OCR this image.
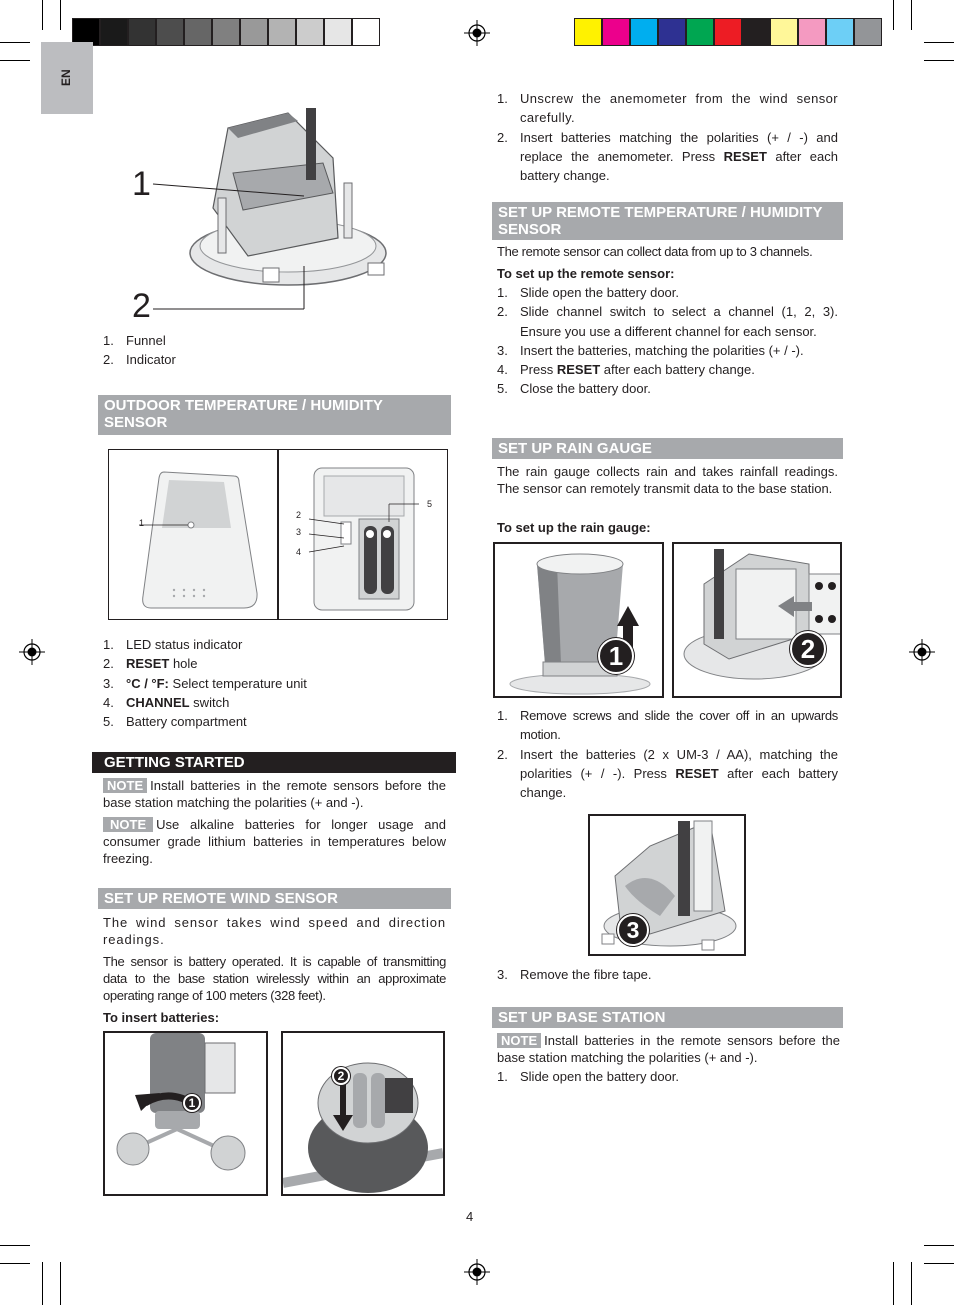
EN
1
2
1. Funnel
2. Indicator
OUTDOOR TEMPERATURE / HUMIDITY SENSOR
1
2
3
4
5
1. LED status indicator
2. RESET hole
3. °C / °F: Select temperature unit
4. CHANNEL switch
5. Battery compartment
GETTING STARTED
NOTE Install batteries in the remote sensors before the base station matching the polarities (+ and -).
NOTE Use alkaline batteries for longer usage and consumer grade lithium batteries in temperatures below freezing.
SET UP REMOTE WIND SENSOR
The wind sensor takes wind speed and direction readings.
The sensor is battery operated. It is capable of transmitting data to the base station wirelessly within an approximate operating range of 100 meters (328 feet).
To insert batteries:
1
2
1. Unscrew the anemometer from the wind sensor carefully.
2. Insert batteries matching the polarities (+ / -) and replace the anemometer. Press RESET after each battery change.
SET UP REMOTE TEMPERATURE / HUMIDITY SENSOR
The remote sensor can collect data from up to 3 channels.
To set up the remote sensor:
1. Slide open the battery door.
2. Slide channel switch to select a channel (1, 2, 3). Ensure you use a different channel for each sensor.
3. Insert the batteries, matching the polarities (+ / -).
4. Press RESET after each battery change.
5. Close the battery door.
SET UP RAIN GAUGE
The rain gauge collects rain and takes rainfall readings. The sensor can remotely transmit data to the base station.
To set up the rain gauge:
1	2
1. Remove screws and slide the cover off in an upwards motion.
2. Insert the batteries (2 x UM-3 / AA), matching the polarities (+ / -). Press RESET after each battery change.
3
3. Remove the fibre tape.
SET UP BASE STATION
NOTE Install batteries in the remote sensors before the base station matching the polarities (+ and -).
1. Slide open the battery door.
4
